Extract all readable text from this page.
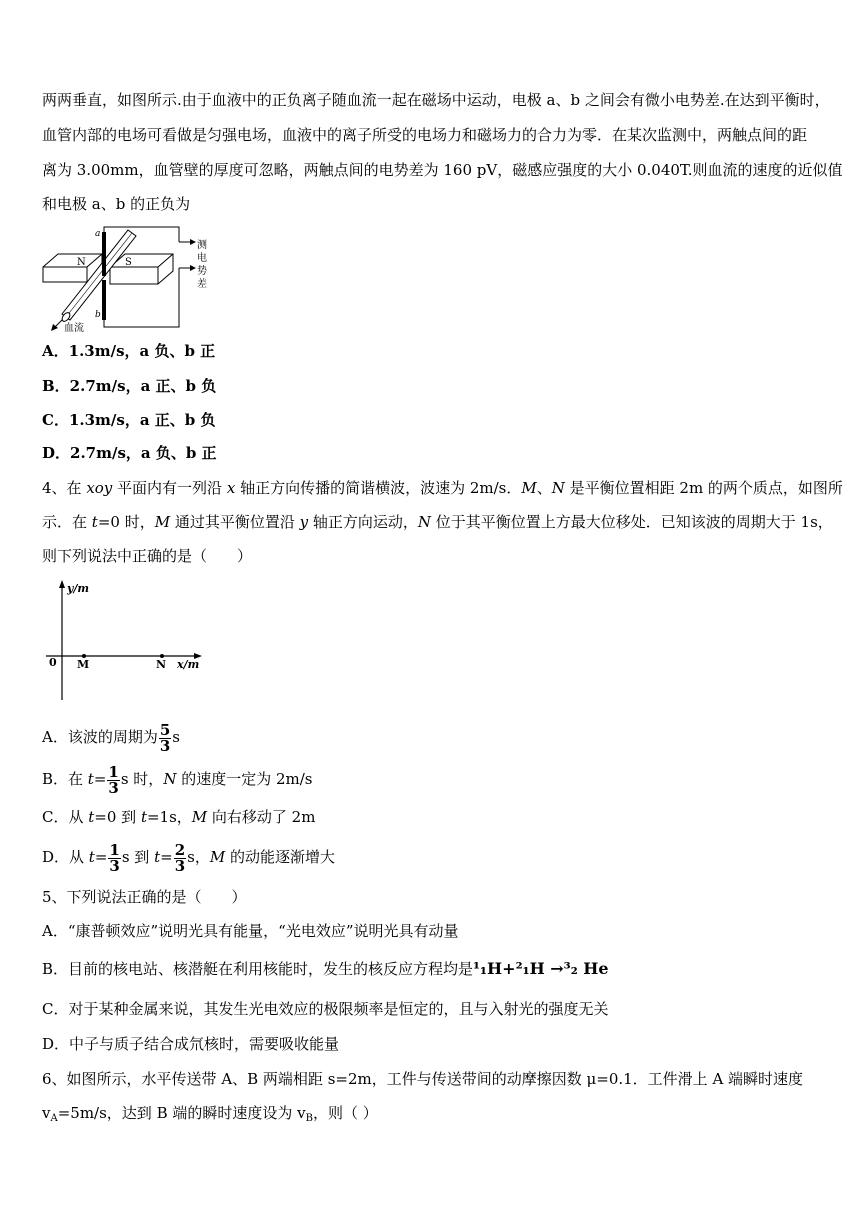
两两垂直，如图所示.由于血液中的正负离子随血流一起在磁场中运动，电极 a、b 之间会有微小电势差.在达到平衡时，
血管内部的电场可看做是匀强电场，血液中的离子所受的电场力和磁场力的合力为零．在某次监测中，两触点间的距
离为 3.00mm，血管壁的厚度可忽略，两触点间的电势差为 160 pV，磁感应强度的大小 0.040T.则血流的速度的近似值
和电极 a、b 的正负为
N	S
a
b
测
电
势
差
血流
A．1.3m/s，a 负、b 正
B．2.7m/s，a 正、b 负
C．1.3m/s，a 正、b 负
D．2.7m/s，a 负、b 正
4、在 xoy 平面内有一列沿 x 轴正方向传播的简谐横波，波速为 2m/s．M、N 是平衡位置相距 2m 的两个质点，如图所
示．在 t=0 时，M 通过其平衡位置沿 y 轴正方向运动，N 位于其平衡位置上方最大位移处．已知该波的周期大于 1s，
则下列说法中正确的是（　　）
y/m
0 M	N x/m
A．该波的周期为 $\frac{5}{3}$ s
B．在 $t= \frac{1}{3}$ s 时，N 的速度一定为 2m/s
C．从 t=0 到 t=1s，M 向右移动了 2m
D．从 $t= \frac{1}{3}$ s 到 $t= \frac{2}{3}$ s，M 的动能逐渐增大
5、下列说法正确的是（　　）
A．“康普顿效应”说明光具有能量，“光电效应”说明光具有动量
B．目前的核电站、核潜艇在利用核能时，发生的核反应方程均是¹₁H+²₁H →³₂ He
C．对于某种金属来说，其发生光电效应的极限频率是恒定的，且与入射光的强度无关
D．中子与质子结合成氘核时，需要吸收能量
6、如图所示，水平传送带 A、B 两端相距 s=2m，工件与传送带间的动摩擦因数 μ=0.1．工件滑上 A 端瞬时速度
$v_A=5m/s$，达到 B 端的瞬时速度设为 $v_B$，则（ ）
